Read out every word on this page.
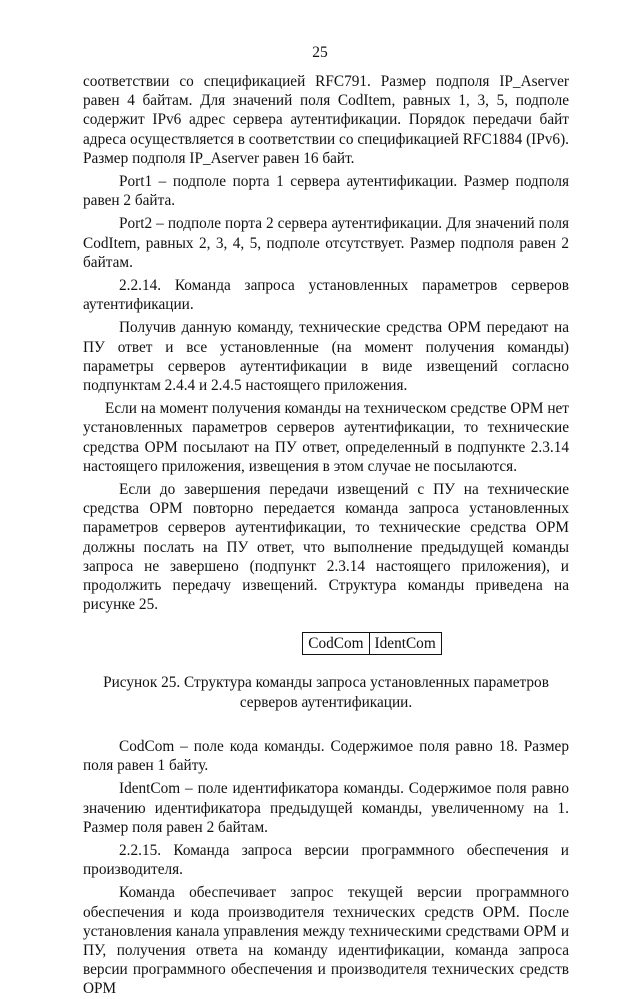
25

соответствии со спецификацией RFC791. Размер подполя IP_Aserver равен 4 байтам. Для значений поля CodItem, равных 1, 3, 5, подполе содержит IPv6 адрес сервера аутентификации. Порядок передачи байт адреса осуществляется в соответствии со спецификацией RFC1884 (IPv6). Размер подполя IP_Aserver равен 16 байт.

Port1 – подполе порта 1 сервера аутентификации. Размер подполя равен 2 байта.

Port2 – подполе порта 2 сервера аутентификации. Для значений поля CodItem, равных 2, 3, 4, 5, подполе отсутствует. Размер подполя равен 2 байтам.

2.2.14. Команда запроса установленных параметров серверов аутентификации.

Получив данную команду, технические средства ОРМ передают на ПУ ответ и все установленные (на момент получения команды) параметры серверов аутентификации в виде извещений согласно подпунктам 2.4.4 и 2.4.5 настоящего приложения.

Если на момент получения команды на техническом средстве ОРМ нет установленных параметров серверов аутентификации, то технические средства ОРМ посылают на ПУ ответ, определенный в подпункте 2.3.14 настоящего приложения, извещения в этом случае не посылаются.

Если до завершения передачи извещений с ПУ на технические средства ОРМ повторно передается команда запроса установленных параметров серверов аутентификации, то технические средства ОРМ должны послать на ПУ ответ, что выполнение предыдущей команды запроса не завершено (подпункт 2.3.14 настоящего приложения), и продолжить передачу извещений. Структура команды приведена на рисунке 25.

CodCom IdentCom

Рисунок 25. Структура команды запроса установленных параметров
серверов аутентификации.

CodCom – поле кода команды. Содержимое поля равно 18. Размер поля равен 1 байту.

IdentCom – поле идентификатора команды. Содержимое поля равно значению идентификатора предыдущей команды, увеличенному на 1. Размер поля равен 2 байтам.

2.2.15. Команда запроса версии программного обеспечения и производителя.

Команда обеспечивает запрос текущей версии программного обеспечения и кода производителя технических средств ОРМ. После установления канала управления между техническими средствами ОРМ и ПУ, получения ответа на команду идентификации, команда запроса версии программного обеспечения и производителя технических средств ОРМ
